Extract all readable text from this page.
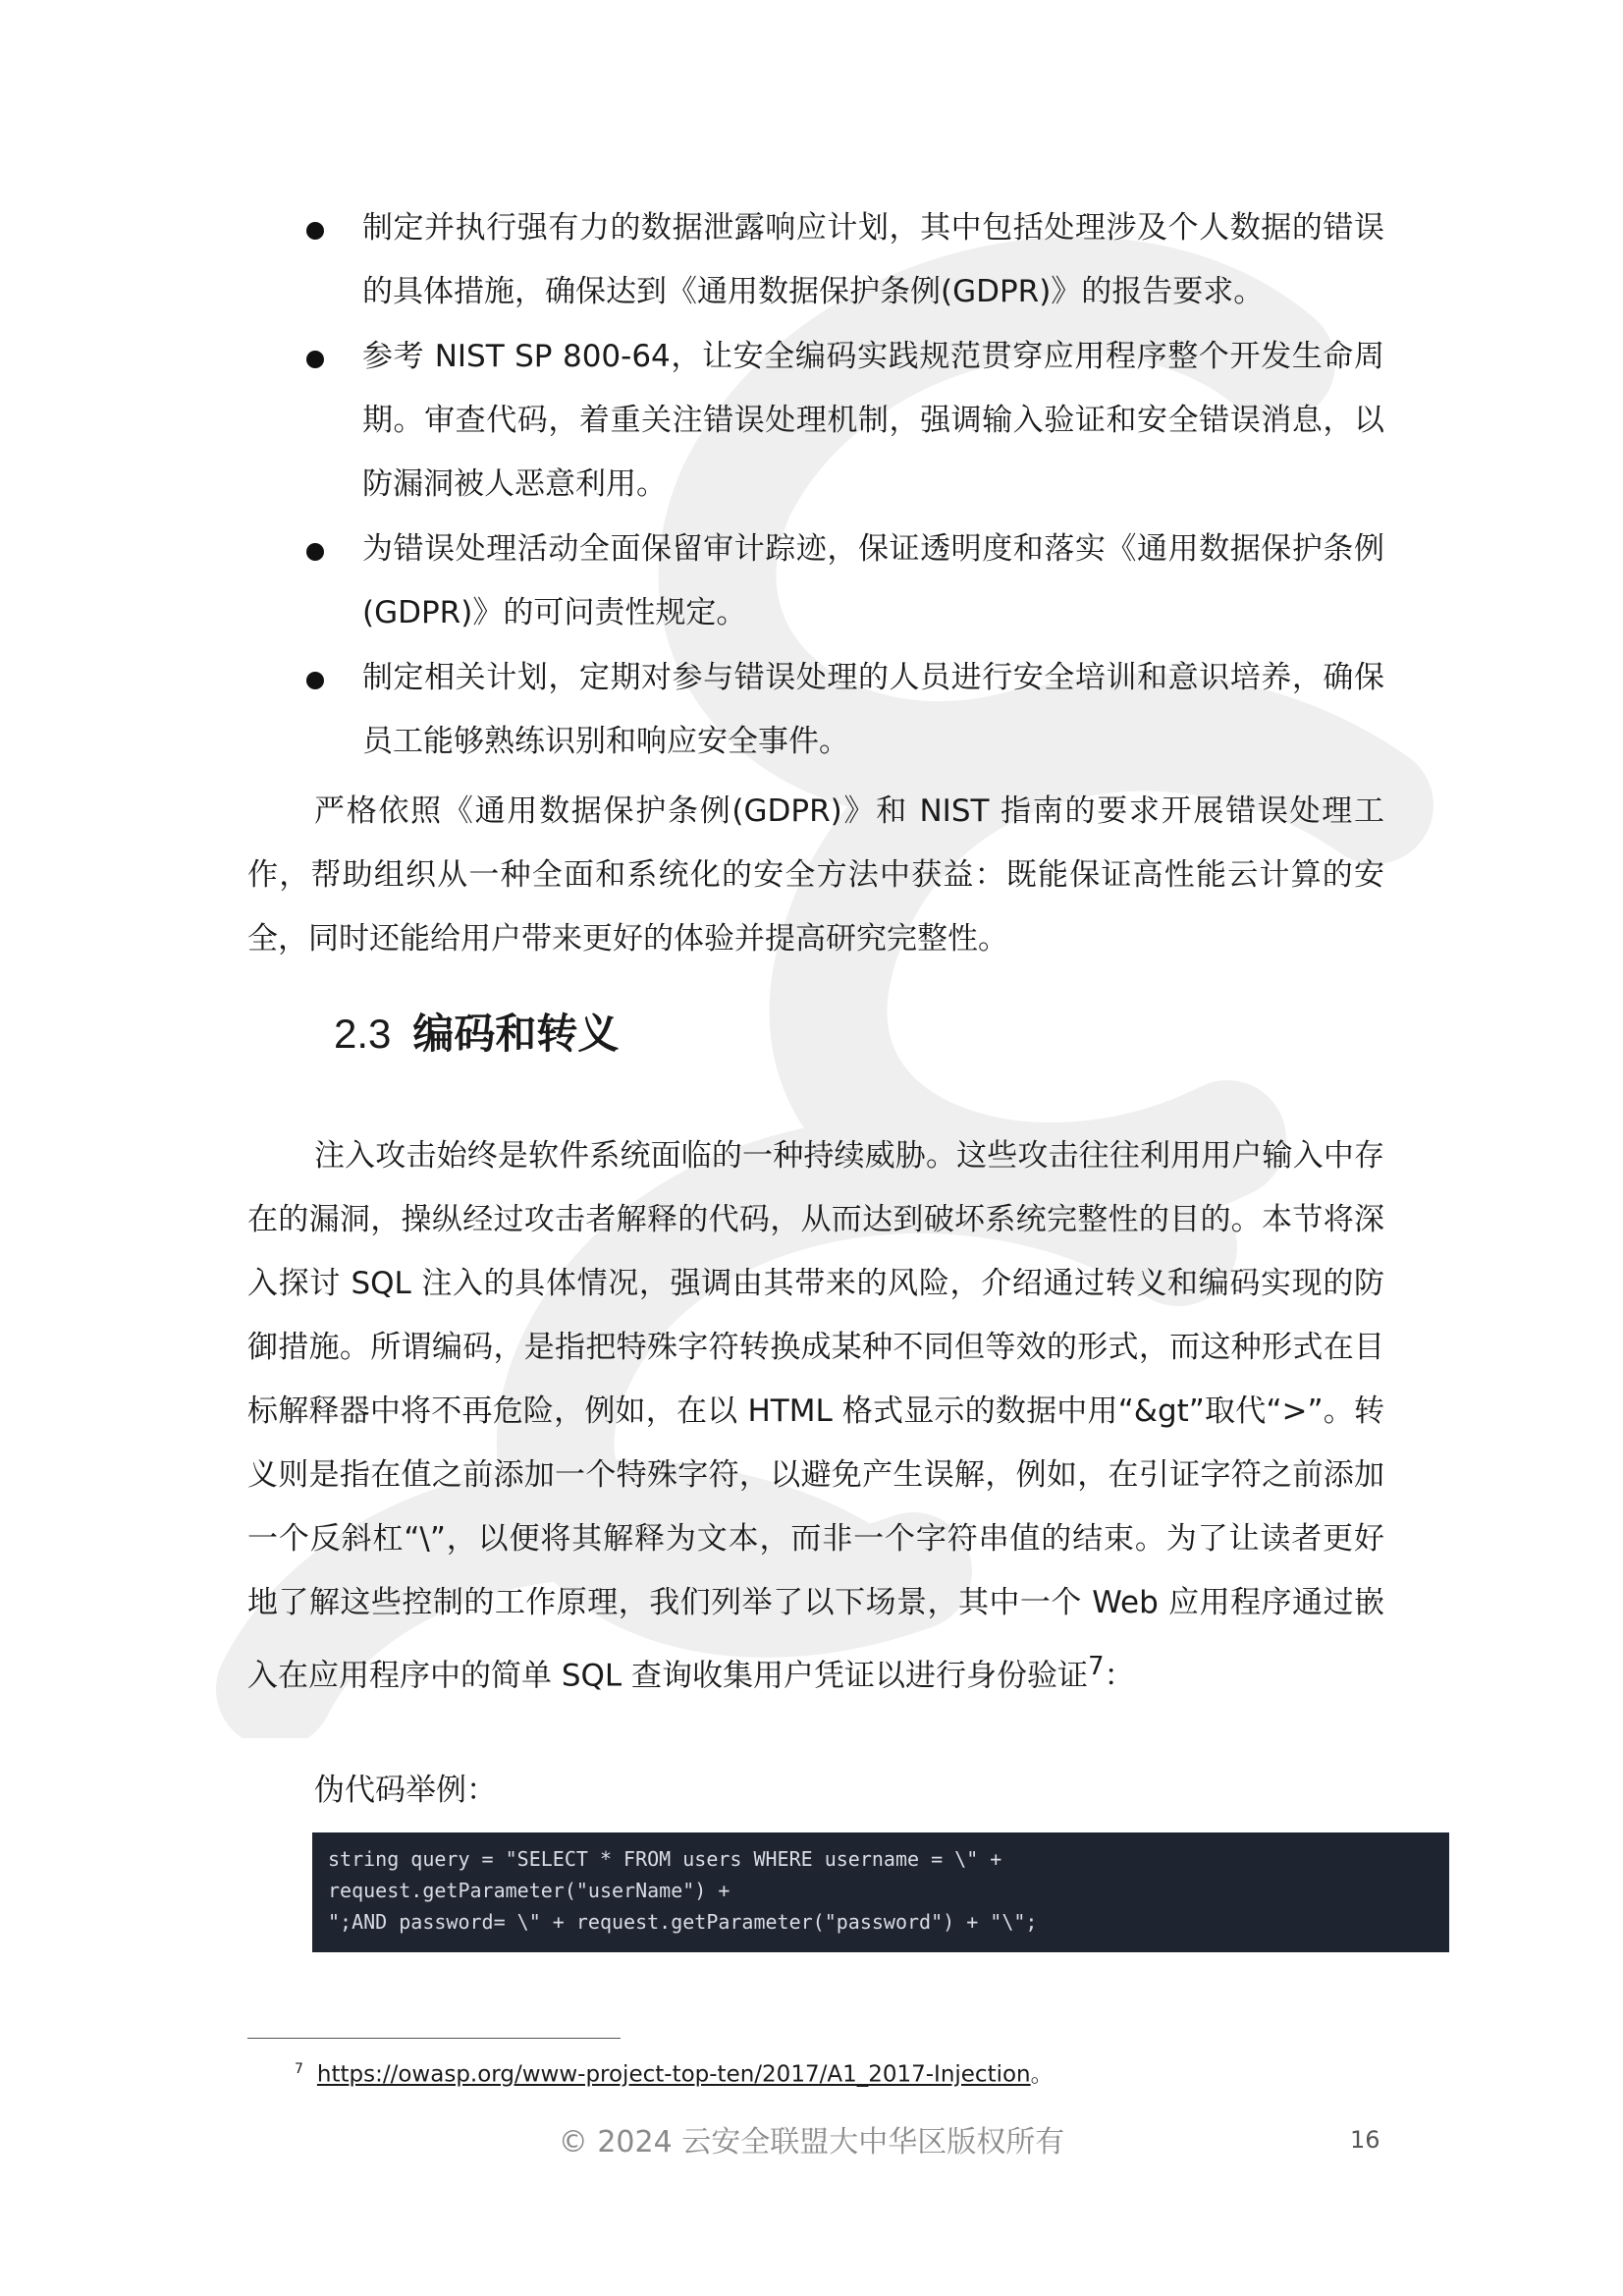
制定并执行强有力的数据泄露响应计划，其中包括处理涉及个人数据的错误的具体措施，确保达到《通用数据保护条例(GDPR)》的报告要求。
参考 NIST SP 800-64，让安全编码实践规范贯穿应用程序整个开发生命周期。审查代码，着重关注错误处理机制，强调输入验证和安全错误消息，以防漏洞被人恶意利用。
为错误处理活动全面保留审计踪迹，保证透明度和落实《通用数据保护条例(GDPR)》的可问责性规定。
制定相关计划，定期对参与错误处理的人员进行安全培训和意识培养，确保员工能够熟练识别和响应安全事件。

严格依照《通用数据保护条例(GDPR)》和 NIST 指南的要求开展错误处理工作，帮助组织从一种全面和系统化的安全方法中获益：既能保证高性能云计算的安全，同时还能给用户带来更好的体验并提高研究完整性。

2.3 编码和转义

注入攻击始终是软件系统面临的一种持续威胁。这些攻击往往利用用户输入中存在的漏洞，操纵经过攻击者解释的代码，从而达到破坏系统完整性的目的。本节将深入探讨 SQL 注入的具体情况，强调由其带来的风险，介绍通过转义和编码实现的防御措施。所谓编码，是指把特殊字符转换成某种不同但等效的形式，而这种形式在目标解释器中将不再危险，例如，在以 HTML 格式显示的数据中用“&gt”取代“>”。转义则是指在值之前添加一个特殊字符，以避免产生误解，例如，在引证字符之前添加一个反斜杠“\”，以便将其解释为文本，而非一个字符串值的结束。为了让读者更好地了解这些控制的工作原理，我们列举了以下场景，其中一个 Web 应用程序通过嵌入在应用程序中的简单 SQL 查询收集用户凭证以进行身份验证$^7$：

伪代码举例：
string query = "SELECT * FROM users WHERE username = \" +
request.getParameter("userName") +
";AND password= \" + request.getParameter("password") + "\";
$^7$ https://owasp.org/www-project-top-ten/2017/A1_2017-Injection。
© 2024 云安全联盟大中华区版权所有	16
